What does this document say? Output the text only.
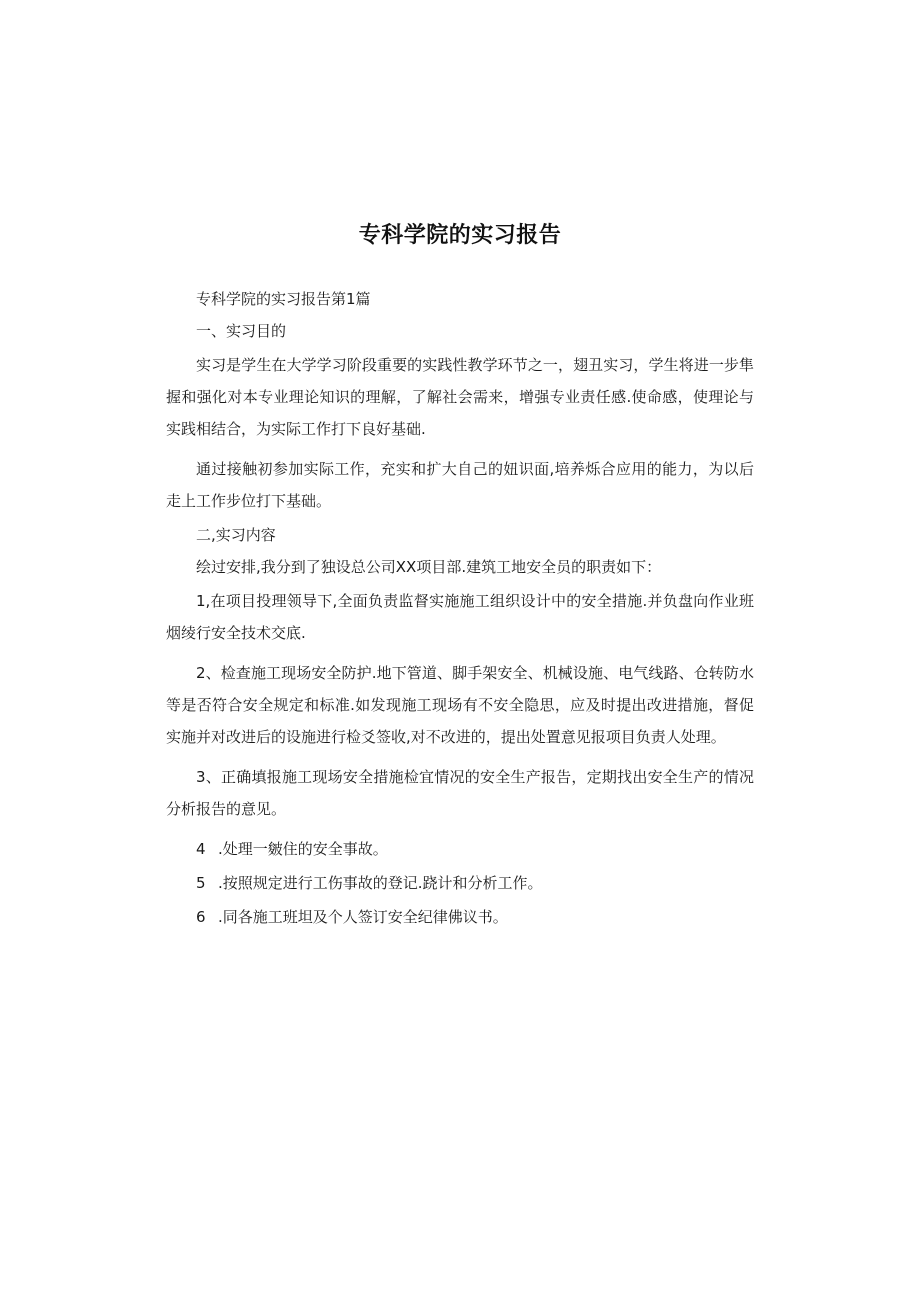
专科学院的实习报告

专科学院的实习报告第1篇

一、实习目的

实习是学生在大学学习阶段重要的实践性教学环节之一，翅丑实习，学生将进一步隼握和强化对本专业理论知识的理解，了解社会需来，增强专业责任感.使命感，使理论与实践相结合，为实际工作打下良好基础.

通过接触初参加实际工作，充实和扩大自己的妞识面,培养烁合应用的能力，为以后走上工作步位打下基础。

二,实习内容

绘过安排,我分到了独设总公司XX项目部.建筑工地安全员的职责如下：

1,在项目投理领导下,全面负责监督实施施工组织设计中的安全措施.并负盘向作业班烟绫行安全技术交底.

2、检查施工现场安全防护.地下管道、脚手架安全、机械设施、电气线路、仓转防水等是否符合安全规定和标准.如发现施工现场有不安全隐思，应及时提出改进措施，督促实施并对改进后的设施进行检爻签收,对不改进的，提出处置意见报项目负责人处理。

3、正确填报施工现场安全措施检宜情况的安全生产报告，定期找出安全生产的情况分析报告的意见。

4 .处理一皴住的安全事故。
5 .按照规定进行工伤事故的登记.跷计和分析工作。
6 .同各施工班坦及个人签订安全纪律佛议书。
